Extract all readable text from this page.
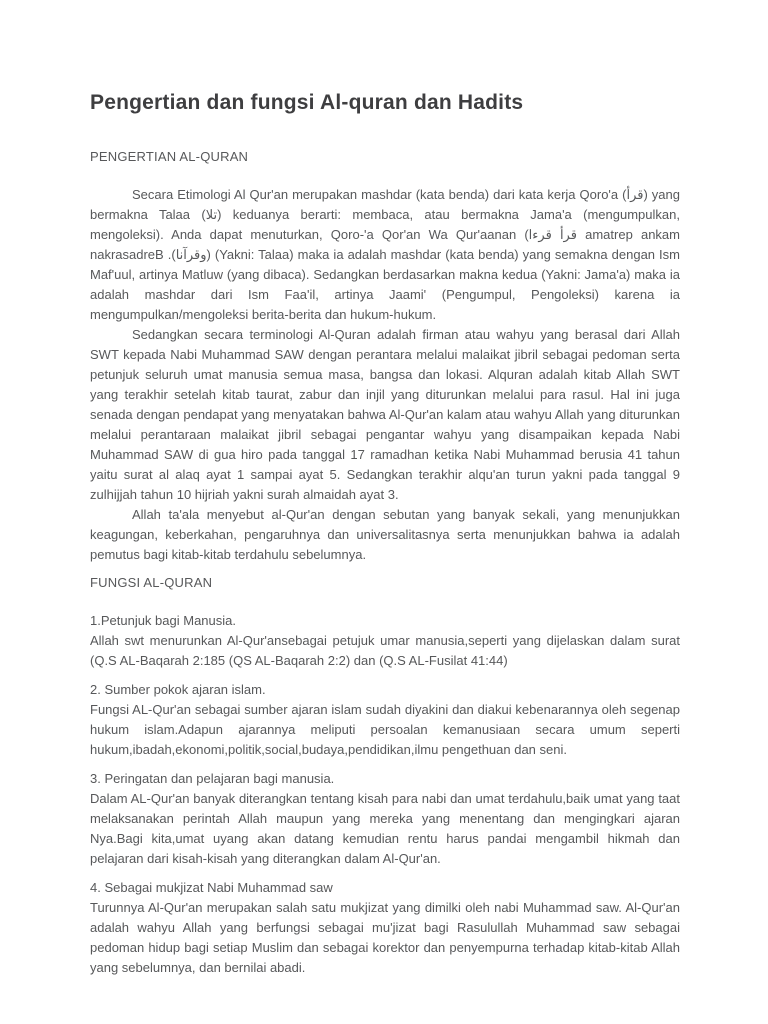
Pengertian dan fungsi Al-quran dan Hadits
PENGERTIAN AL-QURAN

Secara Etimologi Al Qur'an merupakan mashdar (kata benda) dari kata kerja Qoro'a (⁨قرأ⁩) yang bermakna Talaa (⁨تلا⁩) keduanya berarti: membaca, atau bermakna Jama'a (mengumpulkan, mengoleksi). Anda dapat menuturkan, Qoro-'a Qor'an Wa Qur'aanan (⁨قرأ قرءا⁩ amatrep ankam nakrasadreB .(⁨وقرآنا⁩) (Yakni: Talaa) maka ia adalah mashdar (kata benda) yang semakna dengan Ism Maf'uul, artinya Matluw (yang dibaca). Sedangkan berdasarkan makna kedua (Yakni: Jama'a) maka ia adalah mashdar dari Ism Faa'il, artinya Jaami' (Pengumpul, Pengoleksi) karena ia mengumpulkan/mengoleksi berita-berita dan hukum-hukum.

Sedangkan secara terminologi Al-Quran adalah firman atau wahyu yang berasal dari Allah SWT kepada Nabi Muhammad SAW dengan perantara melalui malaikat jibril sebagai pedoman serta petunjuk seluruh umat manusia semua masa, bangsa dan lokasi. Alquran adalah kitab Allah SWT yang terakhir setelah kitab taurat, zabur dan injil yang diturunkan melalui para rasul. Hal ini juga senada dengan pendapat yang menyatakan bahwa Al-Qur'an kalam atau wahyu Allah yang diturunkan melalui perantaraan malaikat jibril sebagai pengantar wahyu yang disampaikan kepada Nabi Muhammad SAW di gua hiro pada tanggal 17 ramadhan ketika Nabi Muhammad berusia 41 tahun yaitu surat al alaq ayat 1 sampai ayat 5. Sedangkan terakhir alqu'an turun yakni pada tanggal 9 zulhijjah tahun 10 hijriah yakni surah almaidah ayat 3.

Allah ta'ala menyebut al-Qur'an dengan sebutan yang banyak sekali, yang menunjukkan keagungan, keberkahan, pengaruhnya dan universalitasnya serta menunjukkan bahwa ia adalah pemutus bagi kitab-kitab terdahulu sebelumnya.

FUNGSI AL-QURAN

1.Petunjuk bagi Manusia.

Allah swt menurunkan Al-Qur'ansebagai petujuk umar manusia,seperti yang dijelaskan dalam surat (Q.S AL-Baqarah 2:185 (QS AL-Baqarah 2:2) dan (Q.S AL-Fusilat 41:44)

2. Sumber pokok ajaran islam.

Fungsi AL-Qur'an sebagai sumber ajaran islam sudah diyakini dan diakui kebenarannya oleh segenap hukum islam.Adapun ajarannya meliputi persoalan kemanusiaan secara umum seperti hukum,ibadah,ekonomi,politik,social,budaya,pendidikan,ilmu pengethuan dan seni.

3. Peringatan dan pelajaran bagi manusia.

Dalam AL-Qur'an banyak diterangkan tentang kisah para nabi dan umat terdahulu,baik umat yang taat melaksanakan perintah Allah maupun yang mereka yang menentang dan mengingkari ajaran Nya.Bagi kita,umat uyang akan datang kemudian rentu harus pandai mengambil hikmah dan pelajaran dari kisah-kisah yang diterangkan dalam Al-Qur'an.

4. Sebagai mukjizat Nabi Muhammad saw

Turunnya Al-Qur'an merupakan salah satu mukjizat yang dimilki oleh nabi Muhammad saw. Al-Qur'an adalah wahyu Allah yang berfungsi sebagai mu'jizat bagi Rasulullah Muhammad saw sebagai pedoman hidup bagi setiap Muslim dan sebagai korektor dan penyempurna terhadap kitab-kitab Allah yang sebelumnya, dan bernilai abadi.
